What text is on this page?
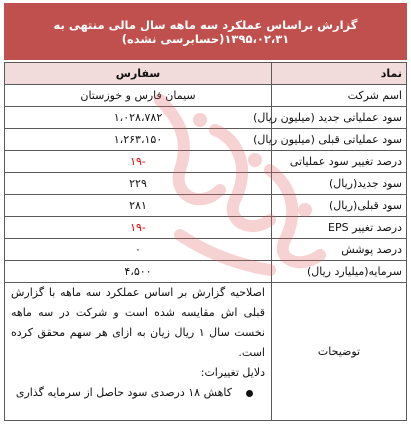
گزارش براساس عملکرد سه ماهه سال مالی منتهی به ۱۳۹۵،۰۲،۳۱(حسابرسی نشده)
نماد	سفارس
اسم شرکت	سیمان فارس و خوزستان
سود عملیاتی جدید (میلیون ریال)	۱،۰۲۸،۷۸۲
سود عملیاتی قبلی (میلیون ریال)	۱،۲۶۳،۱۵۰
درصد تغییر سود عملیاتی	-۱۹
سود جدید(ریال)	۲۲۹
سود قبلی(ریال)	۲۸۱
درصد تغییر EPS	-۱۹
درصد پوشش	۰
سرمایه(میلیارد ریال)	۴،۵۰۰
توضیحات	اصلاحیه گزارش بر اساس عملکرد سه ماهه با گزارش قبلی اش مقایسه شده است و شرکت در سه ماهه نخست سال ۱ ریال زیان به ازای هر سهم محقق کرده است.
دلایل تغییرات:
کاهش ۱۸ درصدی سود حاصل از سرمایه گذاری
